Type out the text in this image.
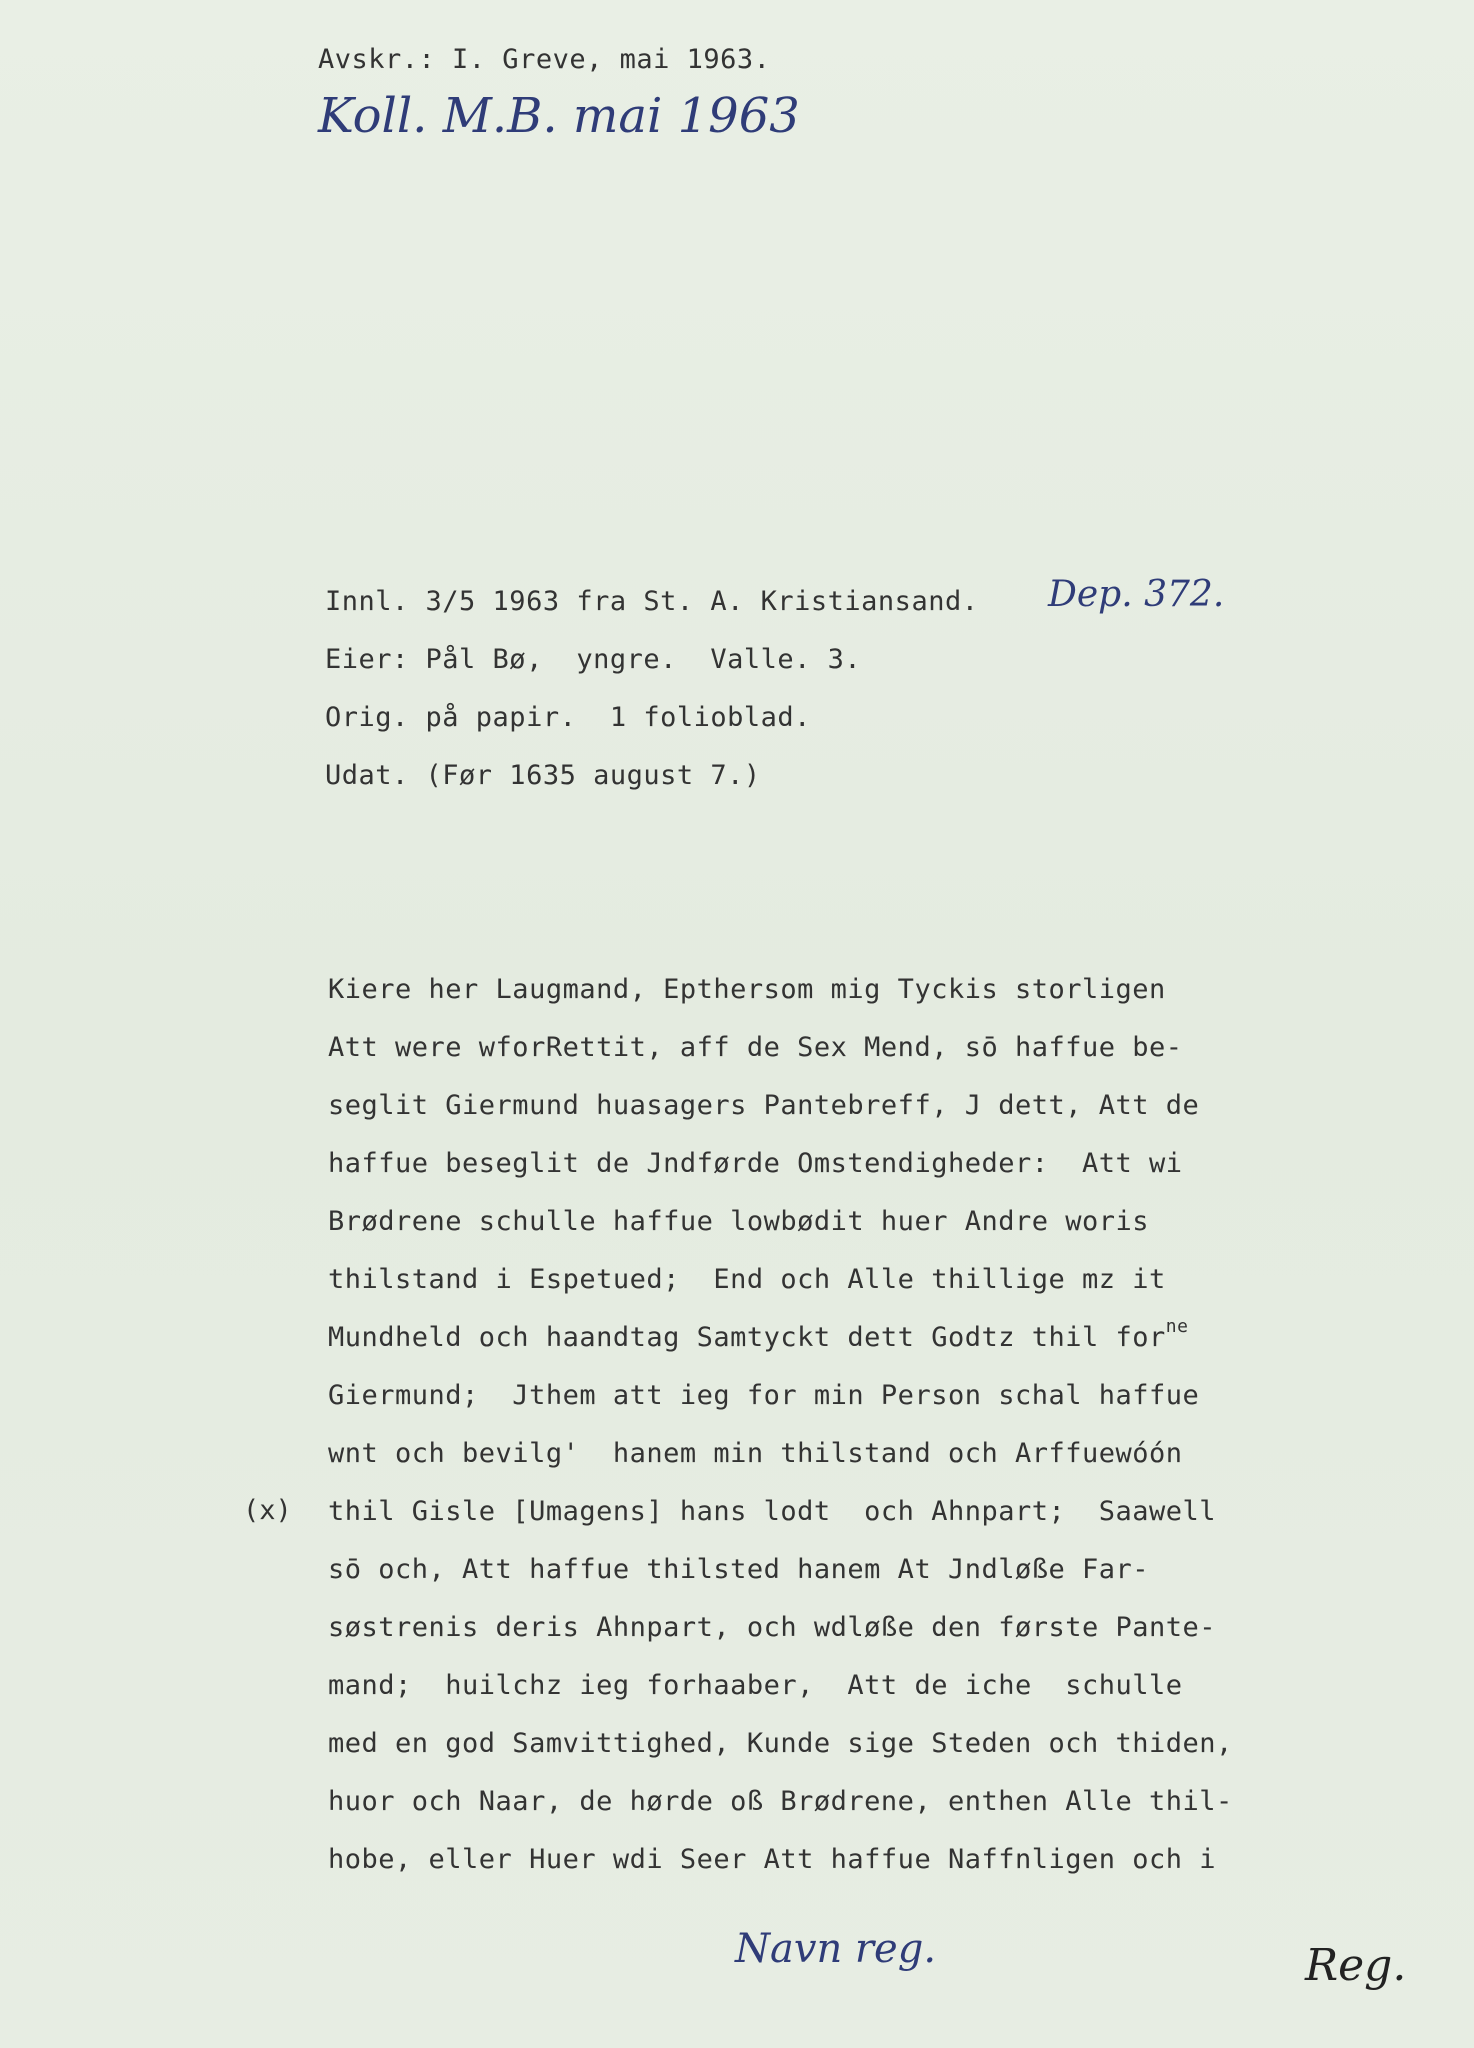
Avskr.: I. Greve, mai 1963.
Koll. M.B. mai 1963
Innl. 3/5 1963 fra St. A. Kristiansand. Dep. 372.
Eier: Pål Bø,  yngre.  Valle. 3.
Orig. på papir.  1 folioblad.
Udat. (Før 1635 august 7.)
(x)
Kiere her Laugmand, Epthersom mig Tyckis storligen
Att were wforRettit, aff de Sex Mend, sō haffue be-
seglit Giermund huasagers Pantebreff, J dett, Att de
haffue beseglit de Jndførde Omstendigheder:  Att wi
Brødrene schulle haffue lowbødit huer Andre woris
thilstand i Espetued;  End och Alle thillige mz it
Mundheld och haandtag Samtyckt dett Godtz thil for$^{ne}$
Giermund;  Jthem att ieg for min Person schal haffue
wnt och bevilg'  hanem min thilstand och Arffuewóón
thil Gisle [Umagens] hans lodt  och Ahnpart;  Saawell
sō och, Att haffue thilsted hanem At Jndløße Far-
søstrenis deris Ahnpart, och wdløße den første Pante-
mand;  huilchz ieg forhaaber,  Att de iche  schulle
med en god Samvittighed, Kunde sige Steden och thiden,
huor och Naar, de hørde oß Brødrene, enthen Alle thil-
hobe, eller Huer wdi Seer Att haffue Naffnligen och i
Navn reg.	Reg.
